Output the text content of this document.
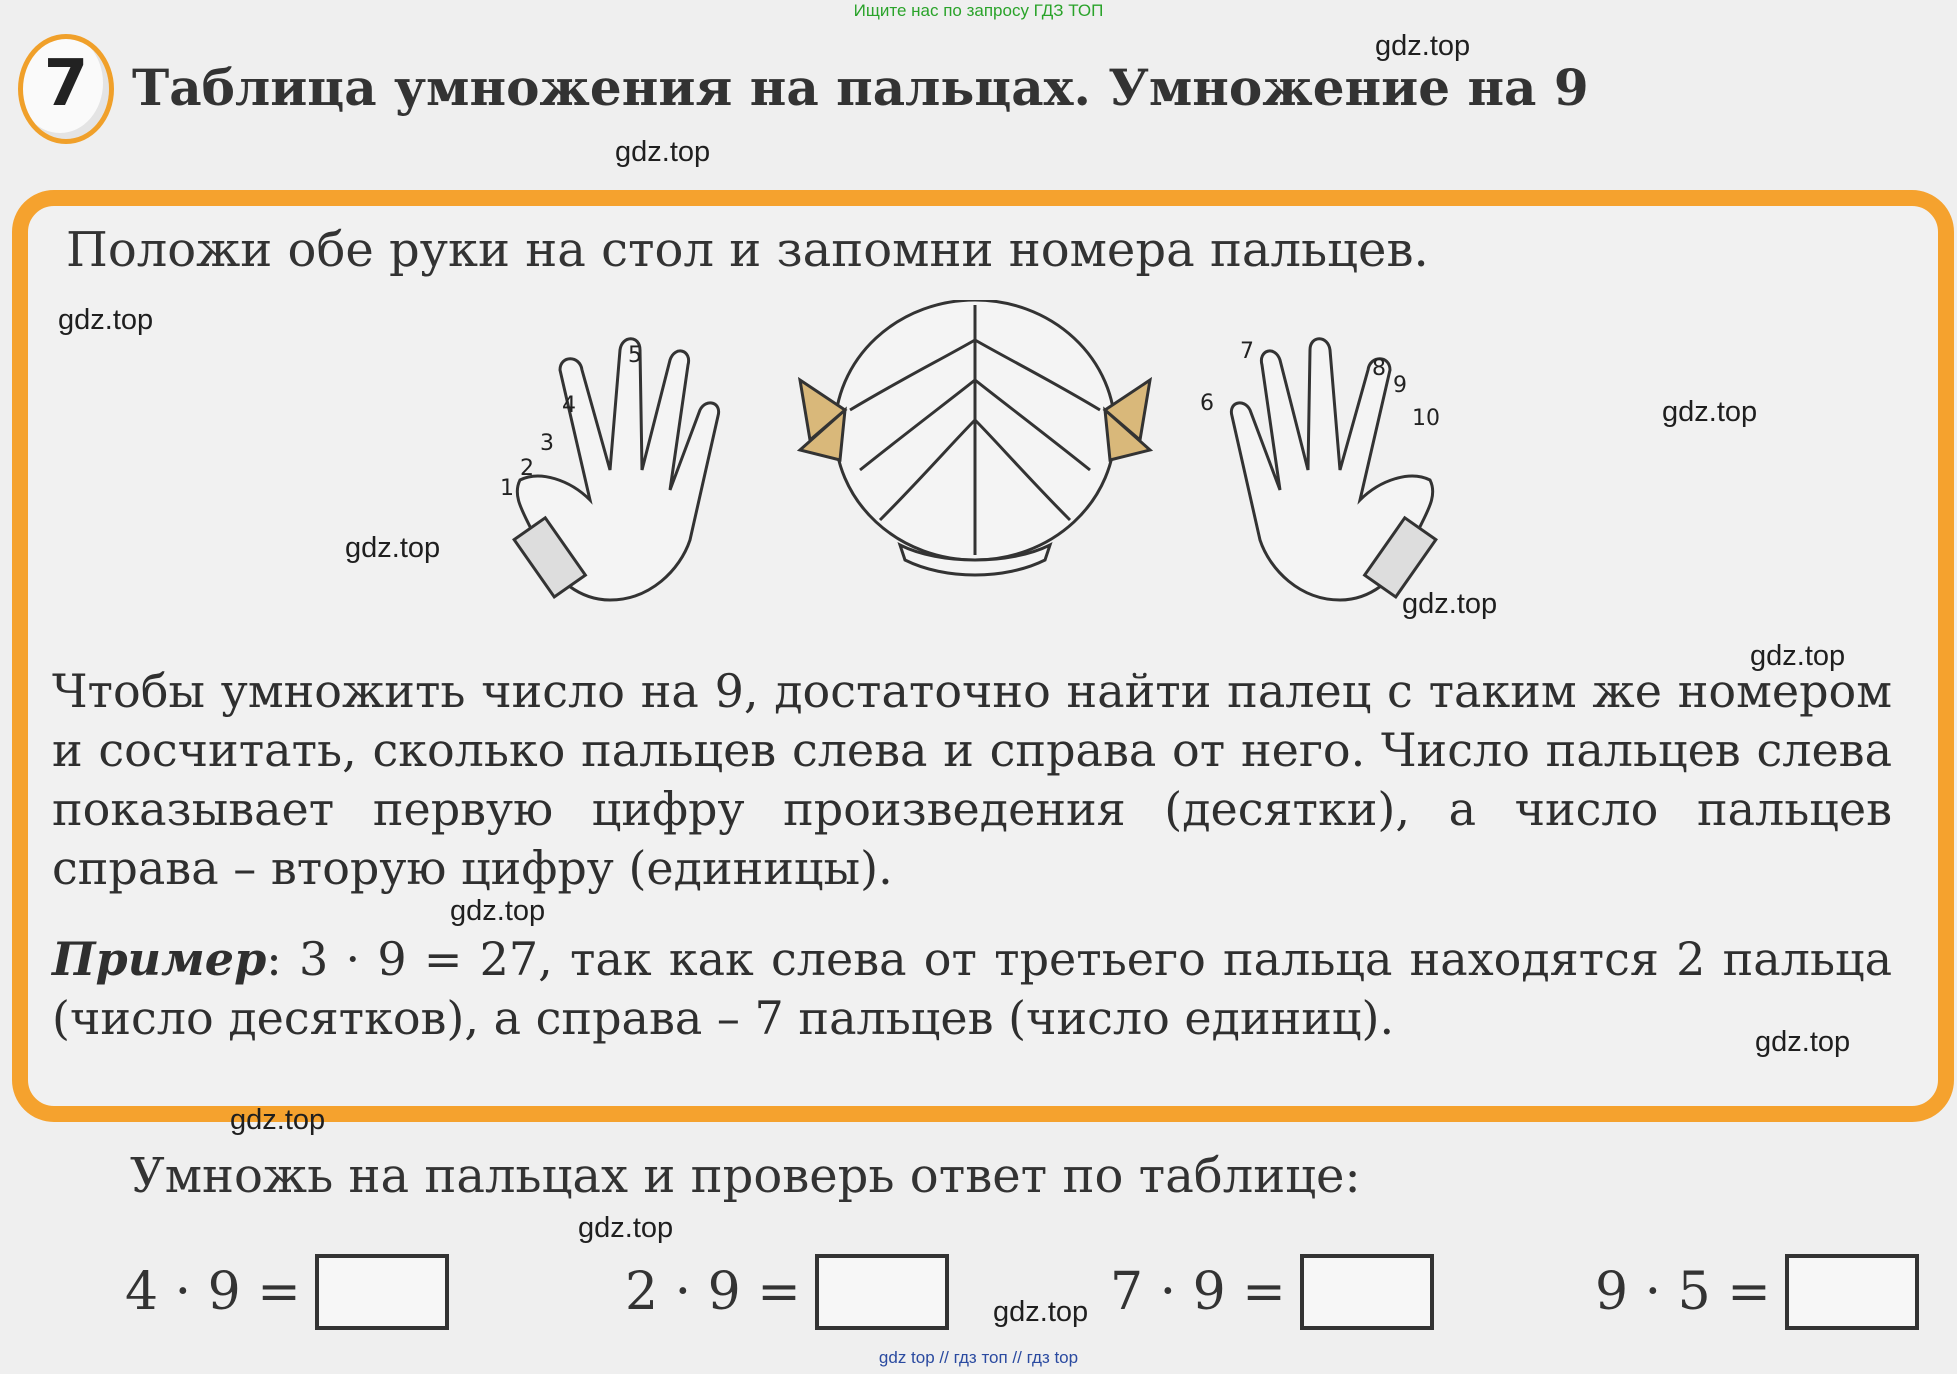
Ищите нас по запросу ГДЗ ТОП
7 Таблица умножения на пальцах. Умножение на 9
Положи обе руки на стол и запомни номера пальцев.
1
2
3
4
5
6
7
8
9
10
Чтобы умножить число на 9, достаточно найти палец с таким же номером и сосчитать, сколько пальцев слева и справа от него. Число пальцев слева показывает первую цифру произведения (десятки), а число пальцев справа – вторую цифру (единицы).
Пример: 3 · 9 = 27, так как слева от третьего пальца находятся 2 пальца (число десятков), а справа – 7 пальцев (число единиц).
Умножь на пальцах и проверь ответ по таблице:
4 · 9 =	2 · 9 =	7 · 9 =	9 · 5 =
gdz.top
gdz.top
gdz.top
gdz.top
gdz.top
gdz.top
gdz.top
gdz.top
gdz.top
gdz.top
gdz.top
gdz.top
gdz top // гдз топ // гдз top
